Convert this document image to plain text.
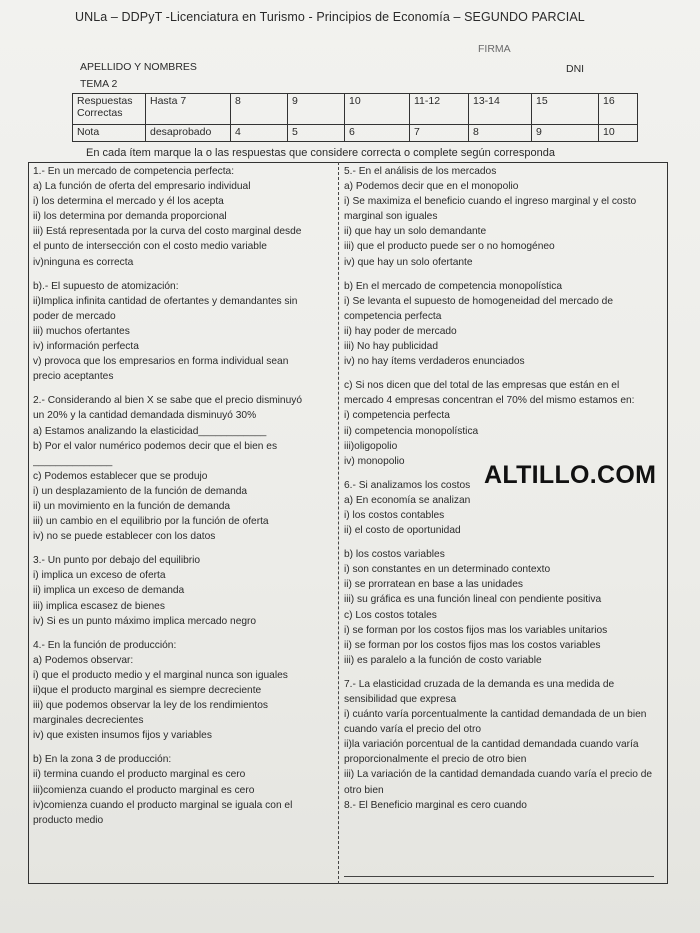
UNLa – DDPyT -Licenciatura en Turismo - Principios de Economía – SEGUNDO PARCIAL
FIRMA
APELLIDO Y NOMBRES	DNI
TEMA 2
Respuestas Correctas	Hasta 7	8	9	10	11-12	13-14	15	16
Nota	desaprobado	4	5	6	7	8	9	10
En cada ítem marque la o las respuestas que considere correcta o complete según corresponda
1.- En un mercado de competencia perfecta:
a) La función de oferta del empresario individual
i) los determina el mercado y él los acepta
ii) los determina por demanda proporcional
iii) Está representada por la curva del costo marginal desde
el punto de intersección con el costo medio variable
iv)ninguna es correcta
b).- El supuesto de atomización:
ii)Implica infinita cantidad de ofertantes y demandantes sin
poder de mercado
iii) muchos ofertantes
iv) información perfecta
v) provoca que los empresarios en forma individual sean
precio aceptantes
2.- Considerando al bien X se sabe que el precio disminuyó
un 20% y la cantidad demandada disminuyó 30%
a) Estamos analizando la elasticidad____________
b) Por el valor numérico podemos decir que el bien es
______________
c) Podemos establecer que se produjo
i) un desplazamiento de la función de demanda
ii) un movimiento en la función de demanda
iii) un cambio en el equilibrio por la función de oferta
iv) no se puede establecer con los datos
3.- Un punto por debajo del equilibrio
i) implica un exceso de oferta
ii) implica un exceso de demanda
iii) implica escasez de bienes
iv) Si es un punto máximo implica mercado negro
4.- En la función de producción:
a) Podemos observar:
i) que el producto medio y el marginal nunca son iguales
ii)que el producto marginal es siempre decreciente
iii) que podemos observar la ley de los rendimientos
marginales decrecientes
iv) que existen insumos fijos y variables
b) En la zona 3 de producción:
ii) termina cuando el producto marginal es cero
iii)comienza cuando el producto marginal es cero
iv)comienza cuando el producto marginal se iguala con el
producto medio
5.- En el análisis de los mercados
a) Podemos decir que en el monopolio
i) Se maximiza el beneficio cuando el ingreso marginal y el costo
marginal son iguales
ii) que hay un solo demandante
iii) que el producto puede ser o no homogéneo
iv) que hay un solo ofertante
b) En el mercado de competencia monopolística
i) Se levanta el supuesto de homogeneidad del mercado de
competencia perfecta
ii) hay poder de mercado
iii) No hay publicidad
iv) no hay ítems verdaderos enunciados
c) Si nos dicen que del total de las empresas que están en el
mercado 4 empresas concentran el 70% del mismo estamos en:
i) competencia perfecta
ii) competencia monopolística
iii)oligopolio
iv) monopolio
6.- Si analizamos los costos
a) En economía se analizan
i) los costos contables
ii) el costo de oportunidad
b) los costos variables
i) son constantes en un determinado contexto
ii) se prorratean en base a las unidades
iii) su gráfica es una función lineal con pendiente positiva
c) Los costos totales
i) se forman por los costos fijos mas los variables unitarios
ii) se forman por los costos fijos mas los costos variables
iii) es paralelo a la función de costo variable
7.- La elasticidad cruzada de la demanda es una medida de
sensibilidad que expresa
i) cuánto varía porcentualmente la cantidad demandada de un bien
cuando varía el precio del otro
ii)la variación porcentual de la cantidad demandada cuando varía
proporcionalmente el precio de otro bien
iii) La variación de la cantidad demandada cuando varía el precio de
otro bien
8.- El Beneficio marginal es cero cuando
ALTILLO.COM
